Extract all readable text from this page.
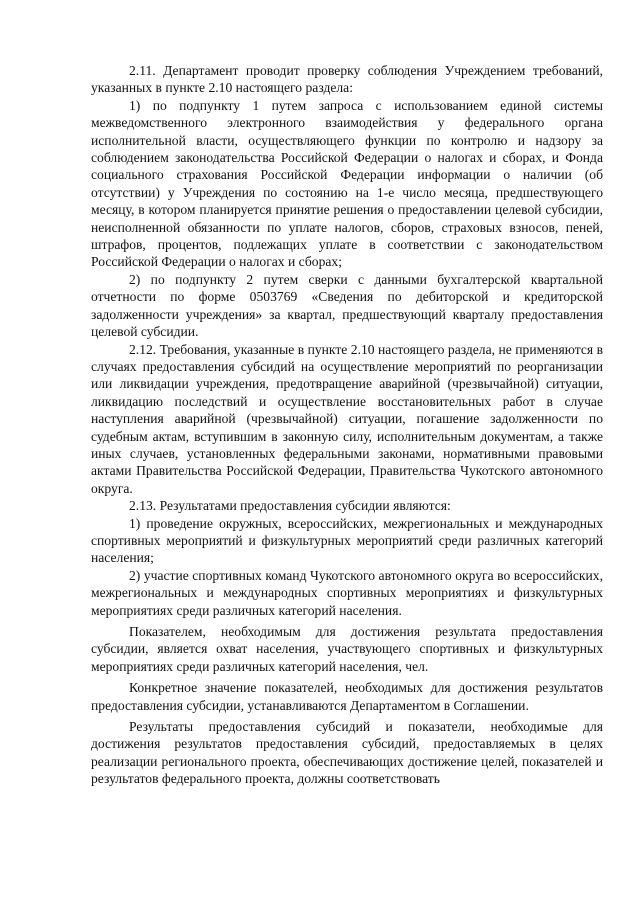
2.11. Департамент проводит проверку соблюдения Учреждением требований, указанных в пункте 2.10 настоящего раздела:

1) по подпункту 1 путем запроса с использованием единой системы межведомственного электронного взаимодействия у федерального органа исполнительной власти, осуществляющего функции по контролю и надзору за соблюдением законодательства Российской Федерации о налогах и сборах, и Фонда социального страхования Российской Федерации информации о наличии (об отсутствии) у Учреждения по состоянию на 1-е число месяца, предшествующего месяцу, в котором планируется принятие решения о предоставлении целевой субсидии, неисполненной обязанности по уплате налогов, сборов, страховых взносов, пеней, штрафов, процентов, подлежащих уплате в соответствии с законодательством Российской Федерации о налогах и сборах;

2) по подпункту 2 путем сверки с данными бухгалтерской квартальной отчетности по форме 0503769 «Сведения по дебиторской и кредиторской задолженности учреждения» за квартал, предшествующий кварталу предоставления целевой субсидии.

2.12. Требования, указанные в пункте 2.10 настоящего раздела, не применяются в случаях предоставления субсидий на осуществление мероприятий по реорганизации или ликвидации учреждения, предотвращение аварийной (чрезвычайной) ситуации, ликвидацию последствий и осуществление восстановительных работ в случае наступления аварийной (чрезвычайной) ситуации, погашение задолженности по судебным актам, вступившим в законную силу, исполнительным документам, а также иных случаев, установленных федеральными законами, нормативными правовыми актами Правительства Российской Федерации, Правительства Чукотского автономного округа.

2.13. Результатами предоставления субсидии являются:

1) проведение окружных, всероссийских, межрегиональных и международных спортивных мероприятий и физкультурных мероприятий среди различных категорий населения;

2) участие спортивных команд Чукотского автономного округа во всероссийских, межрегиональных и международных спортивных мероприятиях и физкультурных мероприятиях среди различных категорий населения.

Показателем, необходимым для достижения результата предоставления субсидии, является охват населения, участвующего спортивных и физкультурных мероприятиях среди различных категорий населения, чел.

Конкретное значение показателей, необходимых для достижения результатов предоставления субсидии, устанавливаются Департаментом в Соглашении.

Результаты предоставления субсидий и показатели, необходимые для достижения результатов предоставления субсидий, предоставляемых в целях реализации регионального проекта, обеспечивающих достижение целей, показателей и результатов федерального проекта, должны соответствовать
